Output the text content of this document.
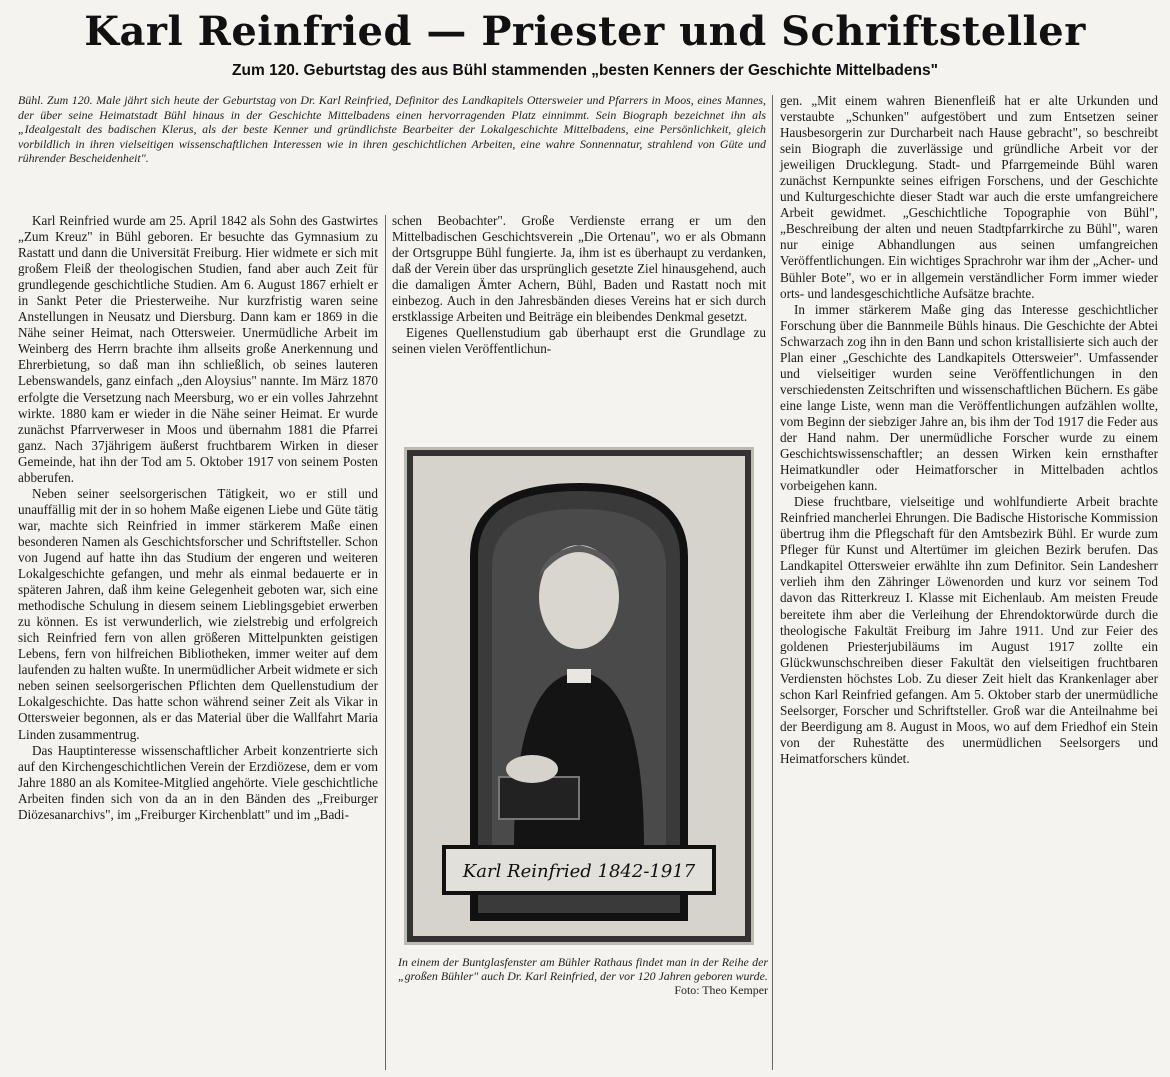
Karl Reinfried — Priester und Schriftsteller
Zum 120. Geburtstag des aus Bühl stammenden „besten Kenners der Geschichte Mittelbadens"
Bühl. Zum 120. Male jährt sich heute der Geburtstag von Dr. Karl Reinfried, Definitor des Landkapitels Ottersweier und Pfarrers in Moos, eines Mannes, der über seine Heimatstadt Bühl hinaus in der Geschichte Mittelbadens einen hervorragenden Platz einnimmt. Sein Biograph bezeichnet ihn als „Idealgestalt des badischen Klerus, als der beste Kenner und gründlichste Bearbeiter der Lokalgeschichte Mittelbadens, eine Persönlichkeit, gleich vorbildlich in ihren vielseitigen wissenschaftlichen Interessen wie in ihren geschichtlichen Arbeiten, eine wahre Sonnennatur, strahlend von Güte und rührender Bescheidenheit".

Karl Reinfried wurde am 25. April 1842 als Sohn des Gastwirtes „Zum Kreuz" in Bühl geboren. Er besuchte das Gymnasium zu Rastatt und dann die Universität Freiburg. Hier widmete er sich mit großem Fleiß der theologischen Studien, fand aber auch Zeit für grundlegende geschichtliche Studien. Am 6. August 1867 erhielt er in Sankt Peter die Priesterweihe. Nur kurzfristig waren seine Anstellungen in Neusatz und Diersburg. Dann kam er 1869 in die Nähe seiner Heimat, nach Ottersweier. Unermüdliche Arbeit im Weinberg des Herrn brachte ihm allseits große Anerkennung und Ehrerbietung, so daß man ihn schließlich, ob seines lauteren Lebenswandels, ganz einfach „den Aloysius" nannte. Im März 1870 erfolgte die Versetzung nach Meersburg, wo er ein volles Jahrzehnt wirkte. 1880 kam er wieder in die Nähe seiner Heimat. Er wurde zunächst Pfarrverweser in Moos und übernahm 1881 die Pfarrei ganz. Nach 37jährigem äußerst fruchtbarem Wirken in dieser Gemeinde, hat ihn der Tod am 5. Oktober 1917 von seinem Posten abberufen.

Neben seiner seelsorgerischen Tätigkeit, wo er still und unauffällig mit der in so hohem Maße eigenen Liebe und Güte tätig war, machte sich Reinfried in immer stärkerem Maße einen besonderen Namen als Geschichtsforscher und Schriftsteller. Schon von Jugend auf hatte ihn das Studium der engeren und weiteren Lokalgeschichte gefangen, und mehr als einmal bedauerte er in späteren Jahren, daß ihm keine Gelegenheit geboten war, sich eine methodische Schulung in diesem seinem Lieblingsgebiet erwerben zu können. Es ist verwunderlich, wie zielstrebig und erfolgreich sich Reinfried fern von allen größeren Mittelpunkten geistigen Lebens, fern von hilfreichen Bibliotheken, immer weiter auf dem laufenden zu halten wußte. In unermüdlicher Arbeit widmete er sich neben seinen seelsorgerischen Pflichten dem Quellenstudium der Lokalgeschichte. Das hatte schon während seiner Zeit als Vikar in Ottersweier begonnen, als er das Material über die Wallfahrt Maria Linden zusammentrug.

Das Hauptinteresse wissenschaftlicher Arbeit konzentrierte sich auf den Kirchengeschichtlichen Verein der Erzdiözese, dem er vom Jahre 1880 an als Komitee-Mitglied angehörte. Viele geschichtliche Arbeiten finden sich von da an in den Bänden des „Freiburger Diözesanarchivs", im „Freiburger Kirchenblatt" und im „Badi-

schen Beobachter". Große Verdienste errang er um den Mittelbadischen Geschichtsverein „Die Ortenau", wo er als Obmann der Ortsgruppe Bühl fungierte. Ja, ihm ist es überhaupt zu verdanken, daß der Verein über das ursprünglich gesetzte Ziel hinausgehend, auch die damaligen Ämter Achern, Bühl, Baden und Rastatt noch mit einbezog. Auch in den Jahresbänden dieses Vereins hat er sich durch erstklassige Arbeiten und Beiträge ein bleibendes Denkmal gesetzt.

Eigenes Quellenstudium gab überhaupt erst die Grundlage zu seinen vielen Veröffentlichun-

gen. „Mit einem wahren Bienenfleiß hat er alte Urkunden und verstaubte „Schunken" aufgestöbert und zum Entsetzen seiner Hausbesorgerin zur Durcharbeit nach Hause gebracht", so beschreibt sein Biograph die zuverlässige und gründliche Arbeit vor der jeweiligen Drucklegung. Stadt- und Pfarrgemeinde Bühl waren zunächst Kernpunkte seines eifrigen Forschens, und der Geschichte und Kulturgeschichte dieser Stadt war auch die erste umfangreichere Arbeit gewidmet. „Geschichtliche Topographie von Bühl", „Beschreibung der alten und neuen Stadtpfarrkirche zu Bühl", waren nur einige Abhandlungen aus seinen umfangreichen Veröffentlichungen. Ein wichtiges Sprachrohr war ihm der „Acher- und Bühler Bote", wo er in allgemein verständlicher Form immer wieder orts- und landesgeschichtliche Aufsätze brachte.

In immer stärkerem Maße ging das Interesse geschichtlicher Forschung über die Bannmeile Bühls hinaus. Die Geschichte der Abtei Schwarzach zog ihn in den Bann und schon kristallisierte sich auch der Plan einer „Geschichte des Landkapitels Ottersweier". Umfassender und vielseitiger wurden seine Veröffentlichungen in den verschiedensten Zeitschriften und wissenschaftlichen Büchern. Es gäbe eine lange Liste, wenn man die Veröffentlichungen aufzählen wollte, vom Beginn der siebziger Jahre an, bis ihm der Tod 1917 die Feder aus der Hand nahm. Der unermüdliche Forscher wurde zu einem Geschichtswissenschaftler; an dessen Wirken kein ernsthafter Heimatkundler oder Heimatforscher in Mittelbaden achtlos vorbeigehen kann.

Diese fruchtbare, vielseitige und wohlfundierte Arbeit brachte Reinfried mancherlei Ehrungen. Die Badische Historische Kommission übertrug ihm die Pflegschaft für den Amtsbezirk Bühl. Er wurde zum Pfleger für Kunst und Altertümer im gleichen Bezirk berufen. Das Landkapitel Ottersweier erwählte ihn zum Definitor. Sein Landesherr verlieh ihm den Zähringer Löwenorden und kurz vor seinem Tod davon das Ritterkreuz I. Klasse mit Eichenlaub. Am meisten Freude bereitete ihm aber die Verleihung der Ehrendoktorwürde durch die theologische Fakultät Freiburg im Jahre 1911. Und zur Feier des goldenen Priesterjubiläums im August 1917 zollte ein Glückwunschschreiben dieser Fakultät den vielseitigen fruchtbaren Verdiensten höchstes Lob. Zu dieser Zeit hielt das Krankenlager aber schon Karl Reinfried gefangen. Am 5. Oktober starb der unermüdliche Seelsorger, Forscher und Schriftsteller. Groß war die Anteilnahme bei der Beerdigung am 8. August in Moos, wo auf dem Friedhof ein Stein von der Ruhestätte des unermüdlichen Seelsorgers und Heimatforschers kündet.

Karl Reinfried 1842-1917
In einem der Buntglasfenster am Bühler Rathaus findet man in der Reihe der „großen Bühler" auch Dr. Karl Reinfried, der vor 120 Jahren geboren wurde.
Foto: Theo Kemper
